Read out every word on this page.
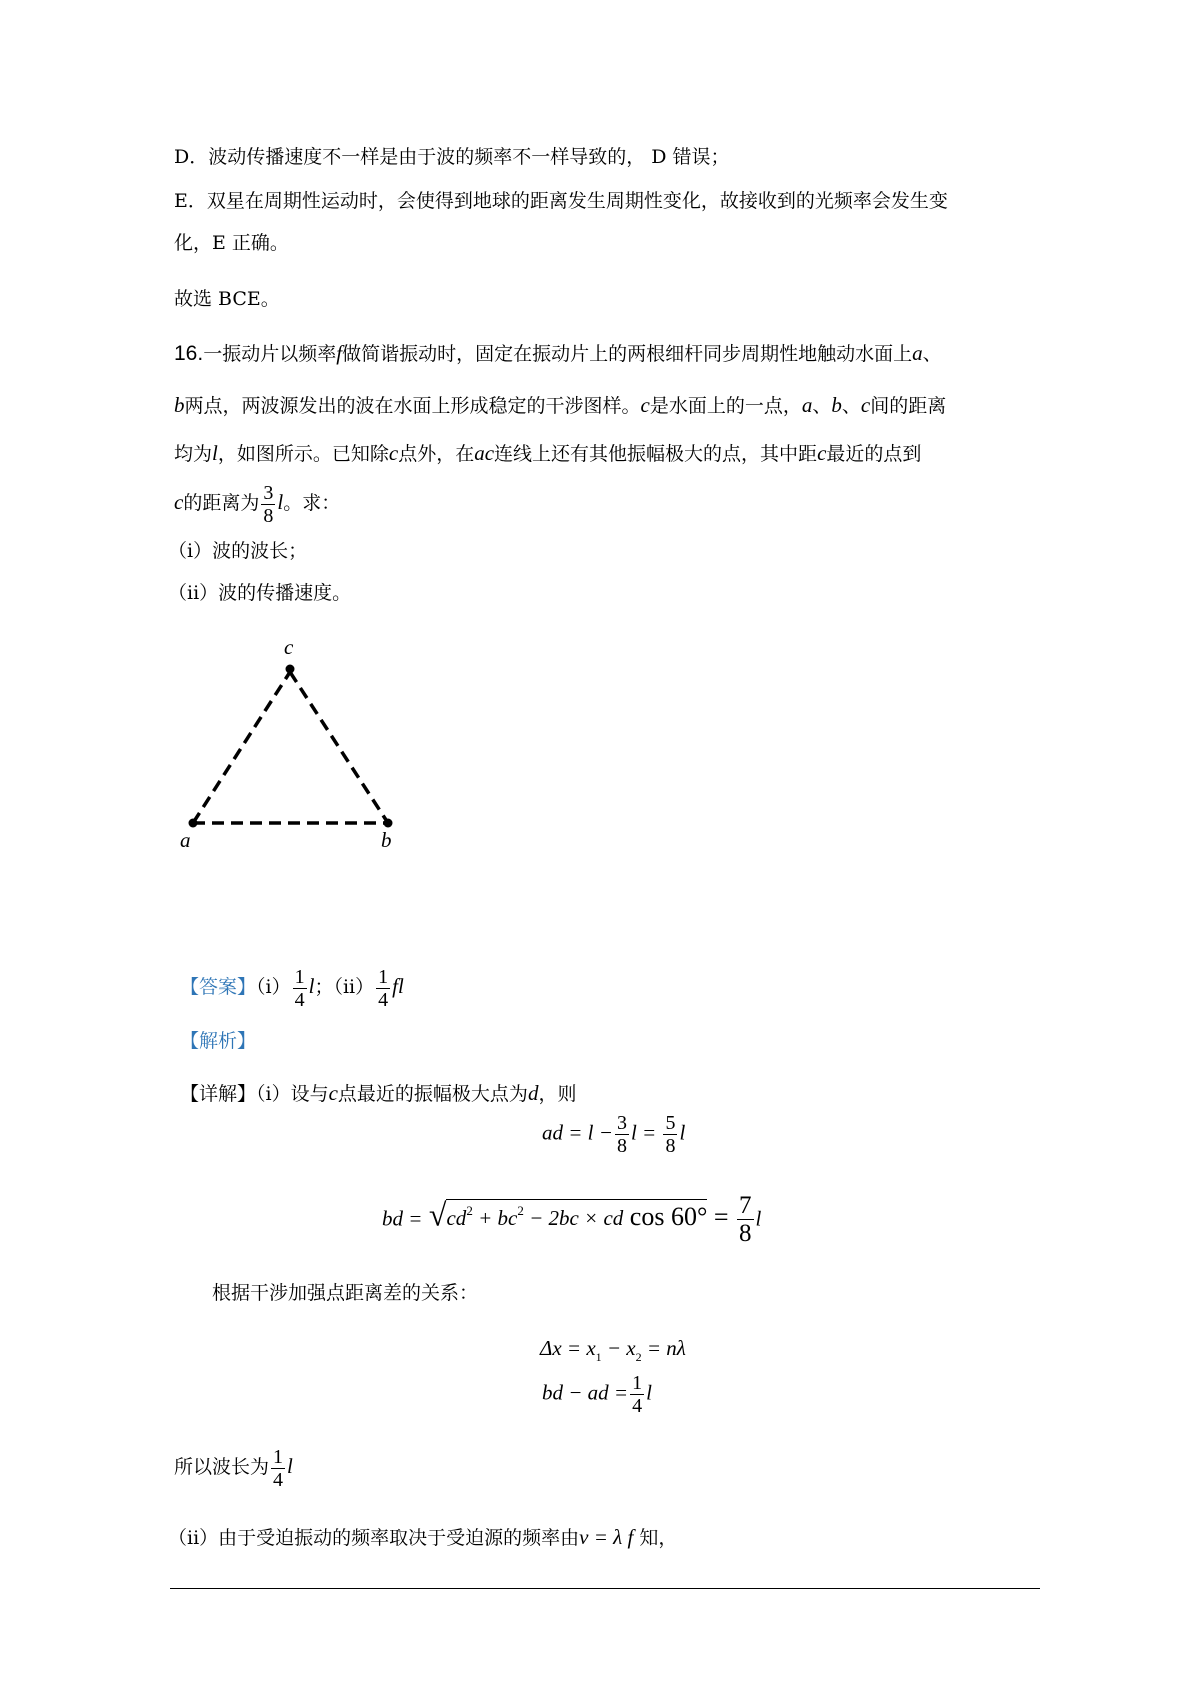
D．波动传播速度不一样是由于波的频率不一样导致的， D 错误；
E．双星在周期性运动时，会使得到地球的距离发生周期性变化，故接收到的光频率会发生变
化，E 正确。
故选 BCE。
16.一振动片以频率f做简谐振动时，固定在振动片上的两根细杆同步周期性地触动水面上a、
b两点，两波源发出的波在水面上形成稳定的干涉图样。c是水面上的一点，a、b、c间的距离
均为l，如图所示。已知除c点外，在ac连线上还有其他振幅极大的点，其中距c最近的点到
c的距离为 $\frac{3}{8}$ l。求：
（i）波的波长；
（ii）波的传播速度。
c
a	b
【答案】$(i) \frac{1}{4}$ l；$(ii) \frac{1}{4}$ fl
【解析】
【详解】（i）设与c点最近的振幅极大点为d，则
ad = $l - \frac{3}{8}$ $l = \frac{5}{8}$ l
bd = $√cd^2 + bc^2 - 2bc$ × cd $\cos 60^\circ = \frac{7}{8}$ l
根据干涉加强点距离差的关系：
$\Delta x = x_1 - x_2 = n\lambda$
bd − ad = $\frac{1}{4}$ l
所以波长为 $\frac{1}{4}$ l
（ii）由于受迫振动的频率取决于受迫源的频率由v = λ f 知，
